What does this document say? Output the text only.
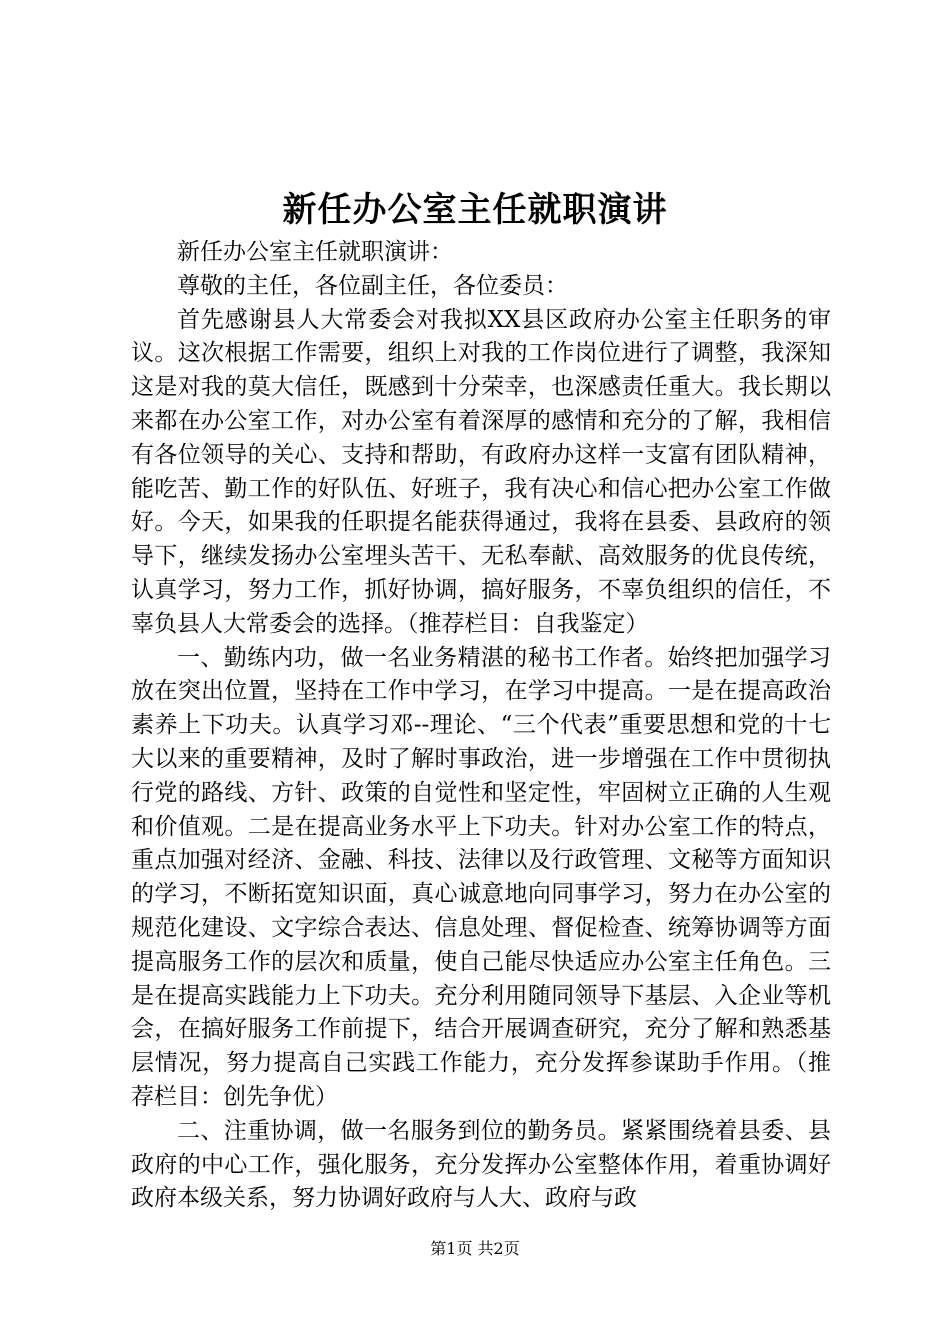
新任办公室主任就职演讲

新任办公室主任就职演讲：

尊敬的主任，各位副主任，各位委员：

首先感谢县人大常委会对我拟XX县区政府办公室主任职务的审议。这次根据工作需要，组织上对我的工作岗位进行了调整，我深知这是对我的莫大信任，既感到十分荣幸，也深感责任重大。我长期以来都在办公室工作，对办公室有着深厚的感情和充分的了解，我相信有各位领导的关心、支持和帮助，有政府办这样一支富有团队精神，能吃苦、勤工作的好队伍、好班子，我有决心和信心把办公室工作做好。今天，如果我的任职提名能获得通过，我将在县委、县政府的领导下，继续发扬办公室埋头苦干、无私奉献、高效服务的优良传统，认真学习，努力工作，抓好协调，搞好服务，不辜负组织的信任，不辜负县人大常委会的选择。（推荐栏目：自我鉴定）

一、勤练内功，做一名业务精湛的秘书工作者。始终把加强学习放在突出位置，坚持在工作中学习，在学习中提高。一是在提高政治素养上下功夫。认真学习邓--理论、“三个代表”重要思想和党的十七大以来的重要精神，及时了解时事政治，进一步增强在工作中贯彻执行党的路线、方针、政策的自觉性和坚定性，牢固树立正确的人生观和价值观。二是在提高业务水平上下功夫。针对办公室工作的特点，重点加强对经济、金融、科技、法律以及行政管理、文秘等方面知识的学习，不断拓宽知识面，真心诚意地向同事学习，努力在办公室的规范化建设、文字综合表达、信息处理、督促检查、统筹协调等方面提高服务工作的层次和质量，使自己能尽快适应办公室主任角色。三是在提高实践能力上下功夫。充分利用随同领导下基层、入企业等机会，在搞好服务工作前提下，结合开展调查研究，充分了解和熟悉基层情况，努力提高自己实践工作能力，充分发挥参谋助手作用。（推荐栏目：创先争优）

二、注重协调，做一名服务到位的勤务员。紧紧围绕着县委、县政府的中心工作，强化服务，充分发挥办公室整体作用，着重协调好政府本级关系，努力协调好政府与人大、政府与政

第1页 共2页
